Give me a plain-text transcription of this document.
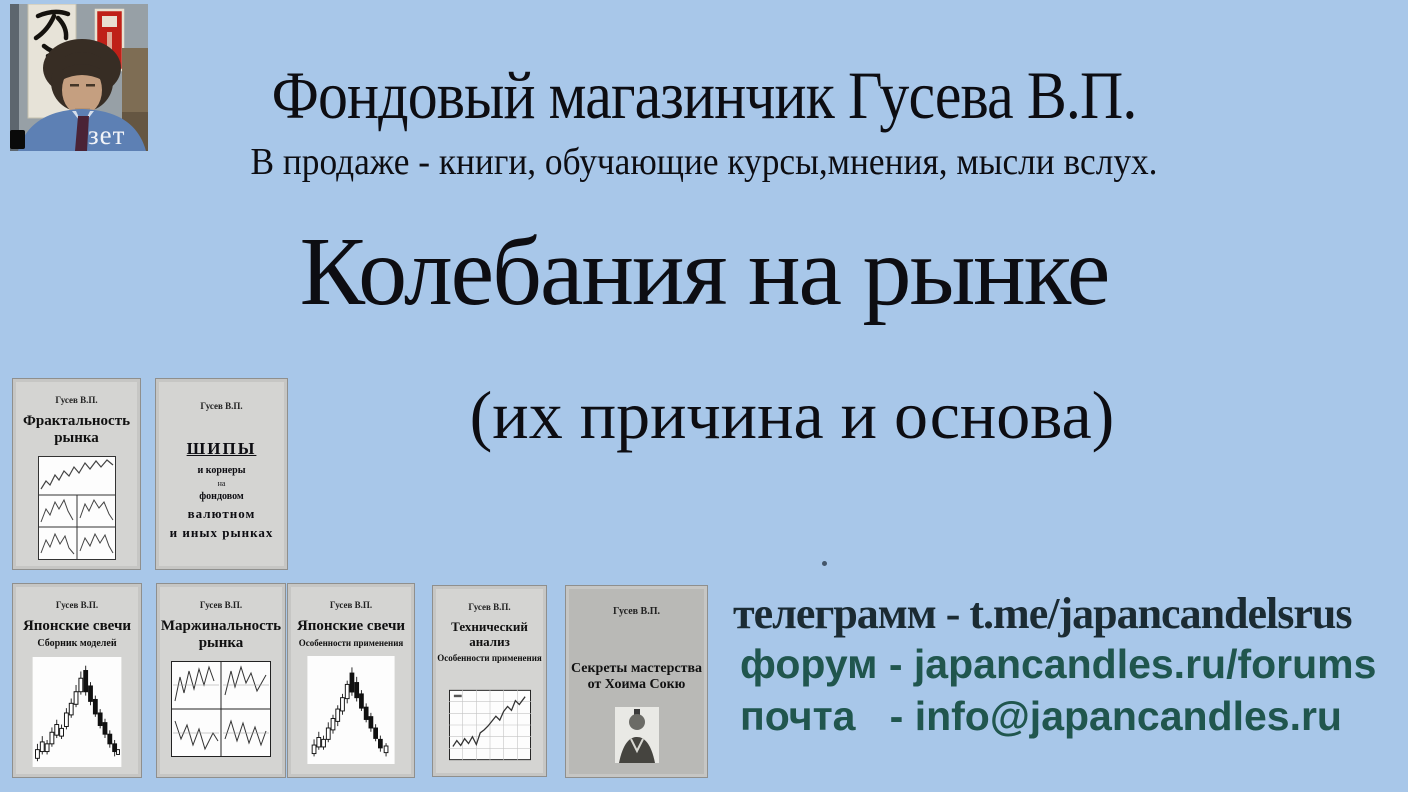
зет
Фондовый магазинчик Гусева В.П.
В продаже - книги, обучающие курсы,мнения, мысли вслух.
Колебания на рынке
(их причина и основа)
Гусев В.П.
Фрактальность
рынка
Гусев В.П.
ШИПЫ
и корнеры
на
фондовом
валютном
и иных рынках
Гусев В.П.
Японские свечи
Сборник моделей
Гусев В.П.
Маржинальность
рынка
Гусев В.П.
Японские свечи
Особенности применения
Гусев В.П.
Технический анализ
Особенности применения
Гусев В.П.
Секреты мастерства
от Хоима Сокю
телеграмм - t.me/japancandelsrus
форум - japancandles.ru/forums
почта   - info@japancandles.ru
